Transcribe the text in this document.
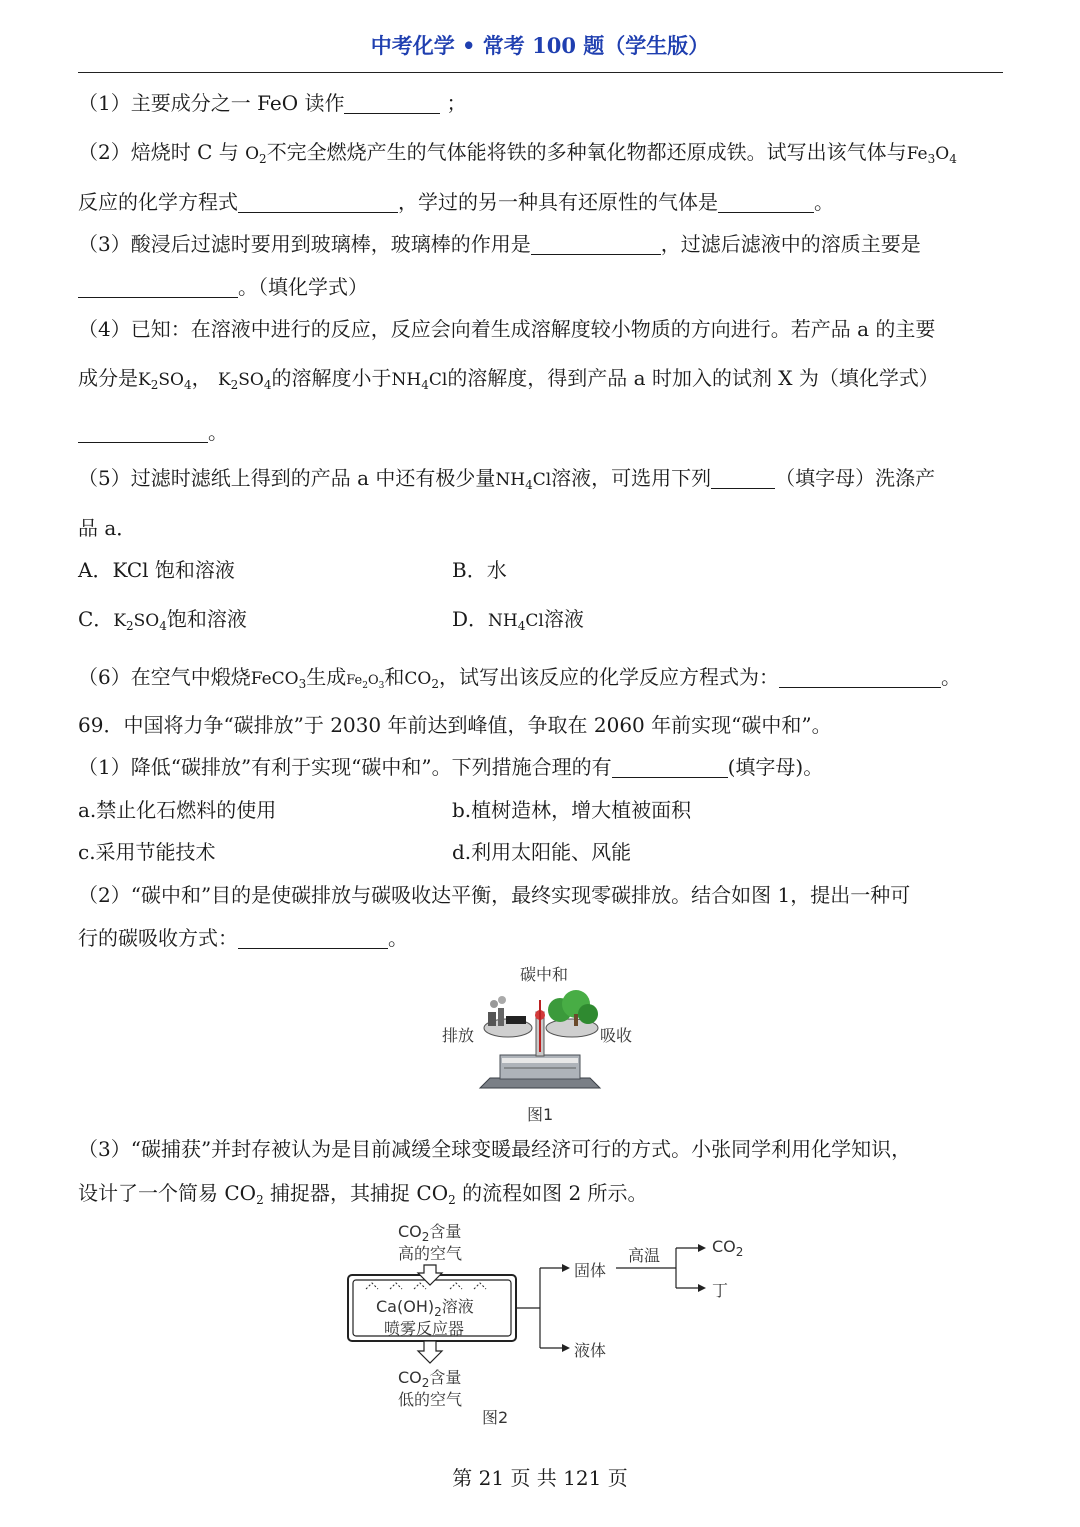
中考化学 • 常考 100 题（学生版）
（1）主要成分之一 FeO 读作	；
（2）焙烧时 C 与 $O_2$不完全燃烧产生的气体能将铁的多种氧化物都还原成铁。试写出该气体与$Fe_3O_4$
反应的化学方程式	，学过的另一种具有还原性的气体是	。
（3）酸浸后过滤时要用到玻璃棒，玻璃棒的作用是	，过滤后滤液中的溶质主要是
。（填化学式）
（4）已知：在溶液中进行的反应，反应会向着生成溶解度较小物质的方向进行。若产品 a 的主要
成分是$K_2SO_4$， $K_2SO_4$的溶解度小于$NH_4Cl$的溶解度，得到产品 a 时加入的试剂 X 为（填化学式）
。
（5）过滤时滤纸上得到的产品 a 中还有极少量$NH_4Cl$溶液，可选用下列	（填字母）洗涤产
品 a．
A．KCl 饱和溶液	B．水
C．$K_2SO_4$饱和溶液	D．$NH_4Cl$溶液
（6）在空气中煅烧FeCO$_3$生成$Fe_2O_3$和$CO_2$，试写出该反应的化学反应方程式为：	。
69．中国将力争“碳排放”于 2030 年前达到峰值，争取在 2060 年前实现“碳中和”。
（1）降低“碳排放”有利于实现“碳中和”。下列措施合理的有	(填字母)。
a.禁止化石燃料的使用	b.植树造林，增大植被面积
c.采用节能技术	d.利用太阳能、风能
（2）“碳中和”目的是使碳排放与碳吸收达平衡，最终实现零碳排放。结合如图 1，提出一种可
行的碳吸收方式：	。
碳中和
排放	吸收
图1
（3）“碳捕获”并封存被认为是目前减缓全球变暖最经济可行的方式。小张同学利用化学知识，
设计了一个简易 $CO_2$ 捕捉器，其捕捉 $CO_2$ 的流程如图 2 所示。
$CO_2$含量
高的空气
$Ca(OH)_2$溶液
喷雾反应器
$CO_2$含量
低的空气
固体
液体
高温	$CO_2$
丁
图2
第 21 页 共 121 页
